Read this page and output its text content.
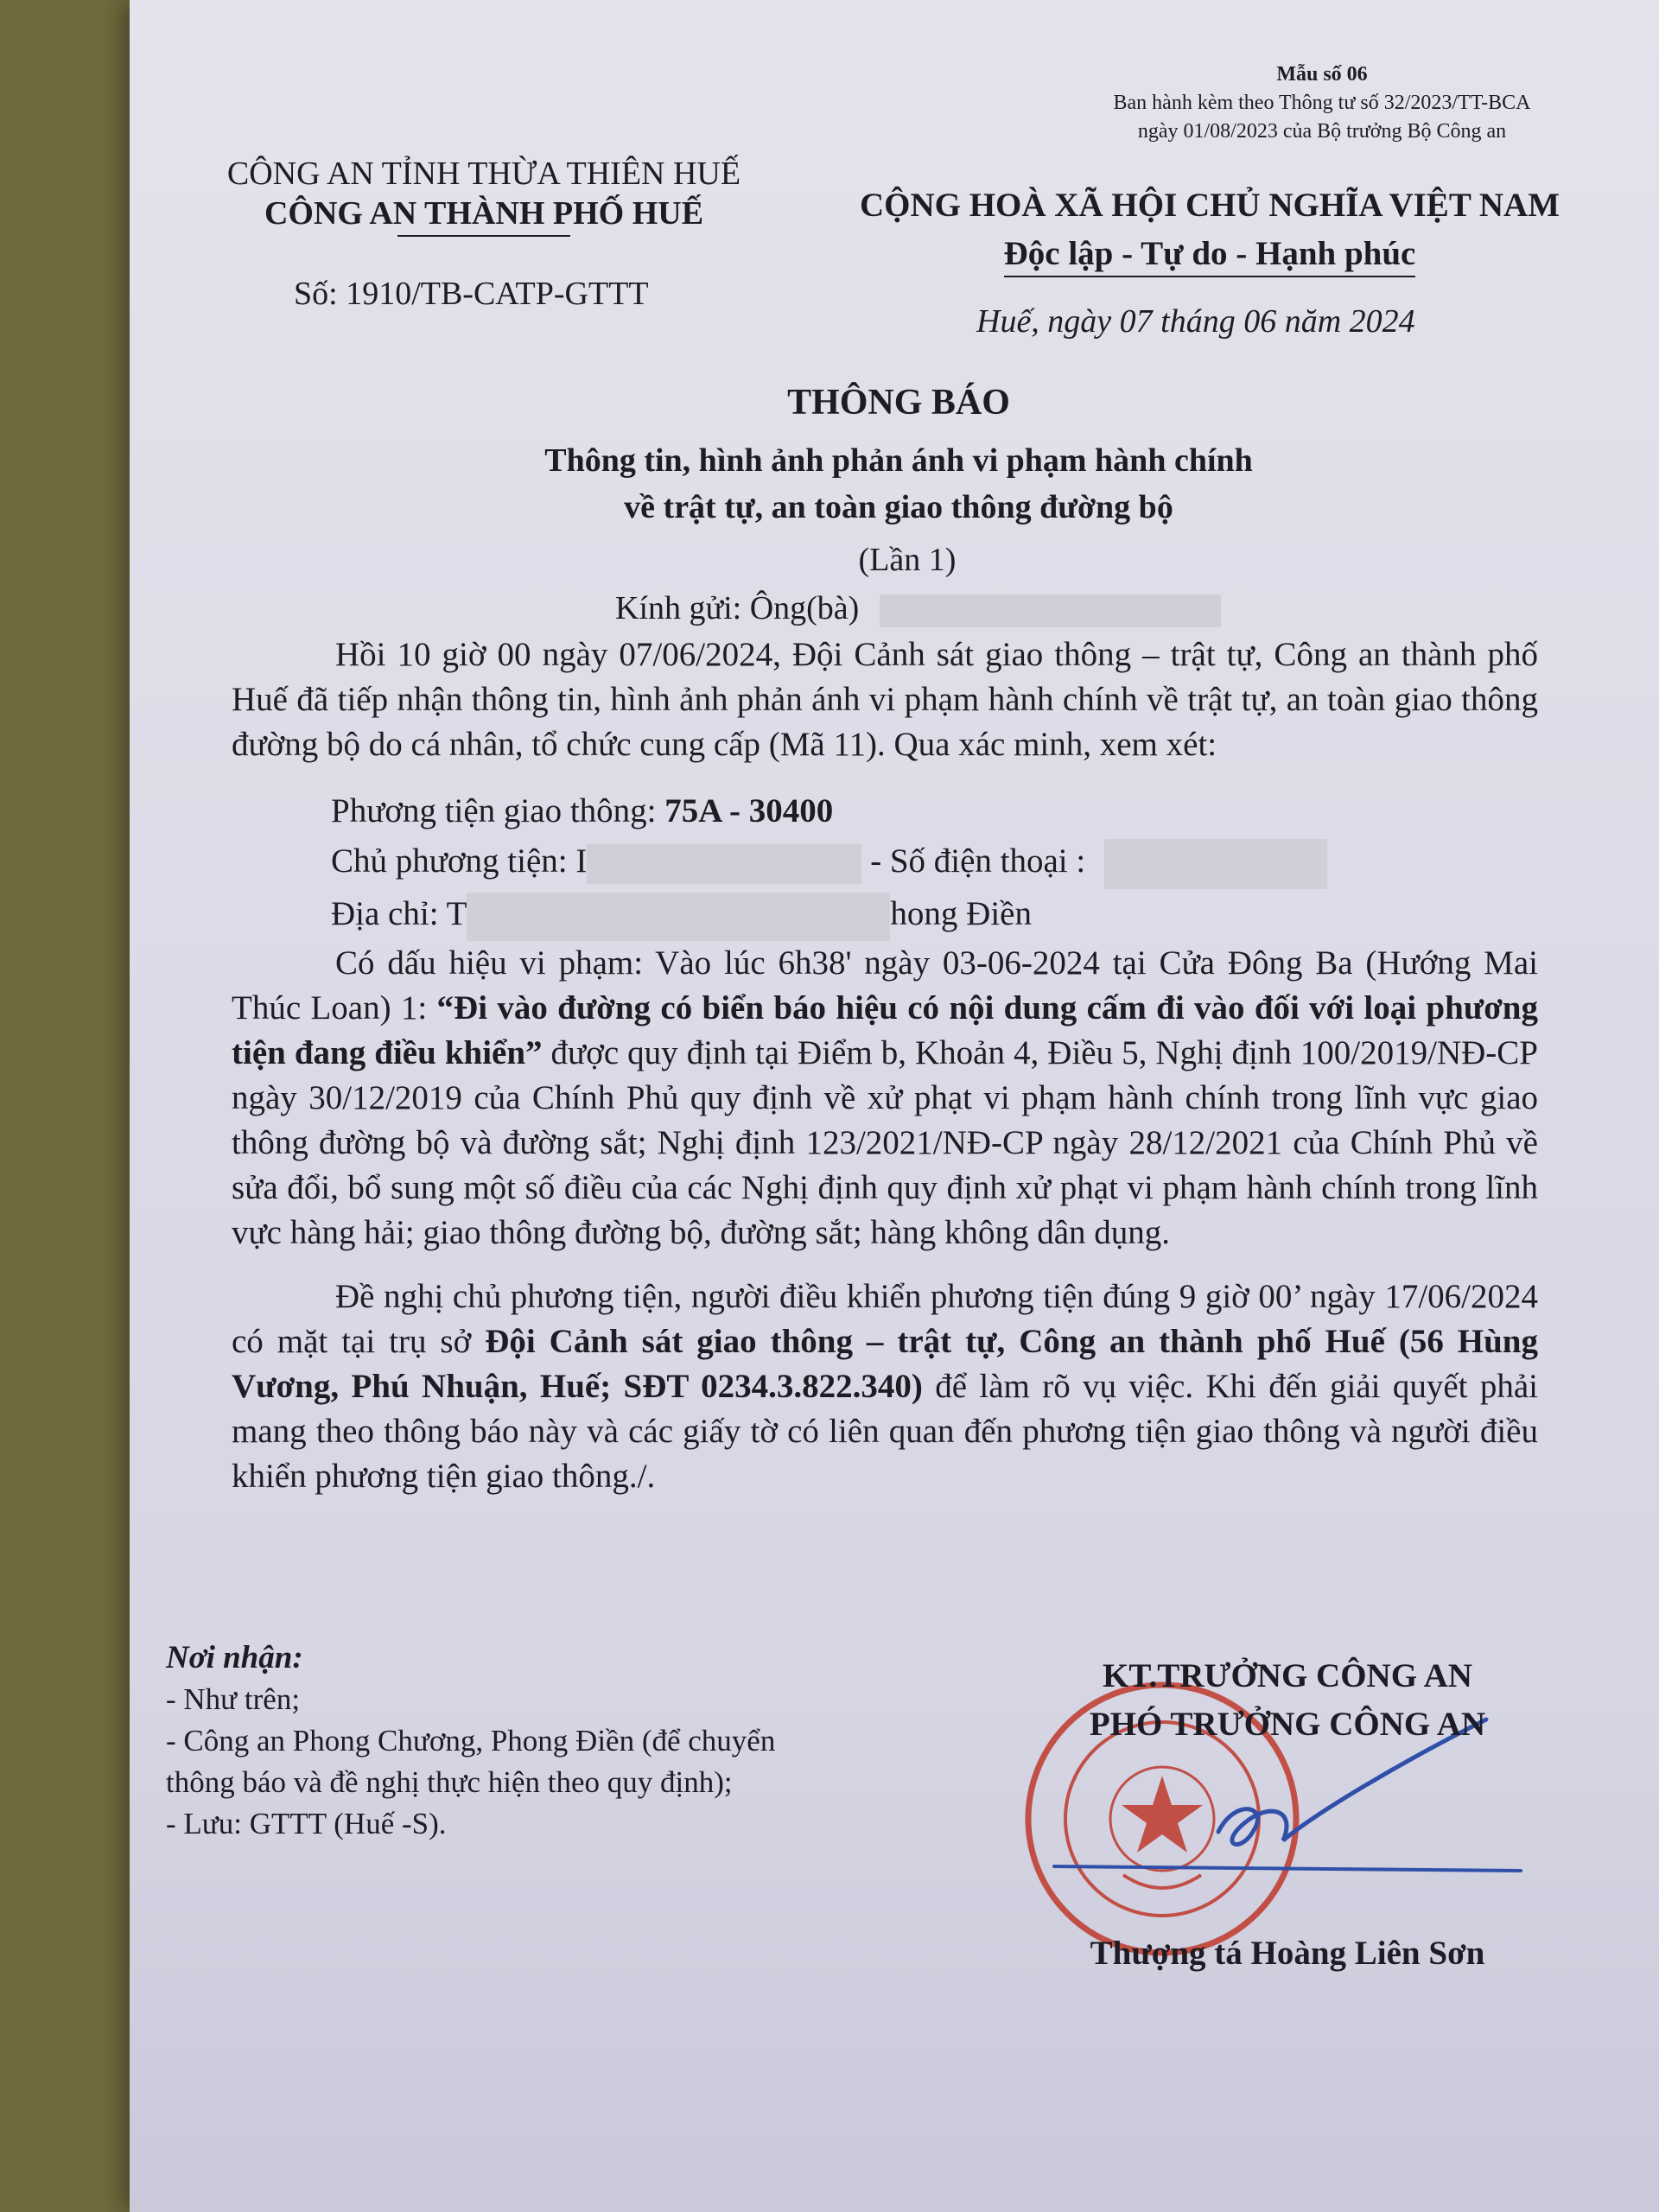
Mẫu số 06
Ban hành kèm theo Thông tư số 32/2023/TT-BCA
ngày 01/08/2023 của Bộ trưởng Bộ Công an
CÔNG AN TỈNH THỪA THIÊN HUẾ
CÔNG AN THÀNH PHỐ HUẾ	CỘNG HOÀ XÃ HỘI CHỦ NGHĨA VIỆT NAM
Độc lập - Tự do - Hạnh phúc
Số: 1910/TB-CATP-GTTT
Huế, ngày 07 tháng 06 năm 2024
THÔNG BÁO
Thông tin, hình ảnh phản ánh vi phạm hành chính
về trật tự, an toàn giao thông đường bộ
(Lần 1)
Kính gửi: Ông(bà)

Hồi 10 giờ 00 ngày 07/06/2024, Đội Cảnh sát giao thông – trật tự, Công an thành phố Huế đã tiếp nhận thông tin, hình ảnh phản ánh vi phạm hành chính về trật tự, an toàn giao thông đường bộ do cá nhân, tổ chức cung cấp (Mã 11). Qua xác minh, xem xét:

Phương tiện giao thông: 75A - 30400

Chủ phương tiện: I	- Số điện thoại :

Địa chỉ: T	hong Điền

Có dấu hiệu vi phạm: Vào lúc 6h38' ngày 03-06-2024 tại Cửa Đông Ba (Hướng Mai Thúc Loan) 1: “Đi vào đường có biển báo hiệu có nội dung cấm đi vào đối với loại phương tiện đang điều khiển” được quy định tại Điểm b, Khoản 4, Điều 5, Nghị định 100/2019/NĐ-CP ngày 30/12/2019 của Chính Phủ quy định về xử phạt vi phạm hành chính trong lĩnh vực giao thông đường bộ và đường sắt; Nghị định 123/2021/NĐ-CP ngày 28/12/2021 của Chính Phủ về sửa đổi, bổ sung một số điều của các Nghị định quy định xử phạt vi phạm hành chính trong lĩnh vực hàng hải; giao thông đường bộ, đường sắt; hàng không dân dụng.

Đề nghị chủ phương tiện, người điều khiển phương tiện đúng 9 giờ 00’ ngày 17/06/2024 có mặt tại trụ sở Đội Cảnh sát giao thông – trật tự, Công an thành phố Huế (56 Hùng Vương, Phú Nhuận, Huế; SĐT 0234.3.822.340) để làm rõ vụ việc. Khi đến giải quyết phải mang theo thông báo này và các giấy tờ có liên quan đến phương tiện giao thông và người điều khiển phương tiện giao thông./.

Nơi nhận:
- Như trên;
- Công an Phong Chương, Phong Điền (để chuyển
thông báo và đề nghị thực hiện theo quy định);
- Lưu: GTTT (Huế -S).
KT.TRƯỞNG CÔNG AN
PHÓ TRƯỞNG CÔNG AN
Thượng tá Hoàng Liên Sơn
